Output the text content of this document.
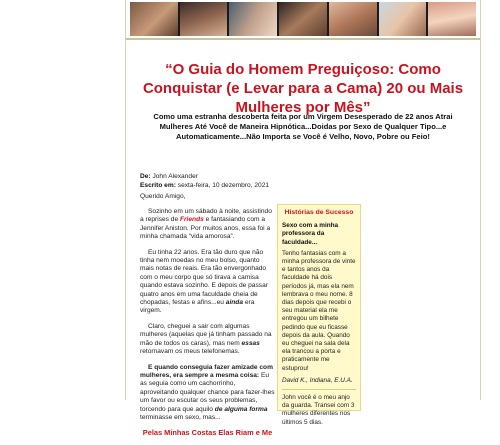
“O Guia do Homem Preguiçoso: Como Conquistar (e Levar para a Cama) 20 ou Mais Mulheres por Mês”
Como uma estranha descoberta feita por um Virgem Desesperado de 22 anos Atrai Mulheres Até Você de Maneira Hipnótica...Doidas por Sexo de Qualquer Tipo...e Automaticamente...Não Importa se Você é Velho, Novo, Pobre ou Feio!
De: John Alexander
Escrito em: sexta-feira, 10 dezembro, 2021
Querido Amigo,

Sozinho em um sábado à noite, assistindo a reprises de Friends e fantasiando com a Jennifer Aniston. Por muitos anos, essa foi a minha chamada “vida amorosa”.

Eu tinha 22 anos. Era tão duro que não tinha nem moedas no meu bolso, quanto mais notas de reais. Era tão envergonhado com o meu corpo que só tirava a camisa quando estava sozinho. E depois de passar quatro anos em uma faculdade cheia de chopadas, festas e afins...eu ainda era virgem.

Claro, cheguei a sair com algumas mulheres (aquelas que já tinham passado na mão de todos os caras), mas nem essas retornavam os meus telefonemas.

E quando conseguia fazer amizade com mulheres, era sempre a mesma coisa: Eu as seguia como um cachorrinho, aproveitando qualquer chance para fazer-lhes um favor ou escutar os seus problemas, torcendo para que aquilo de alguma forma terminasse em sexo, mas...

Pelas Minhas Costas Elas Riam e Me

Histórias de Sucesso
Sexo com a minha professora da faculdade...
Tenho fantasias com a minha professora de vinte e tantos anos da faculdade há dois períodos já, mas ela nem lembrava o meu nome. 8 dias depois que recebi o seu material ela me entregou um bilhete pedindo que eu ficasse depois da aula. Quando eu cheguei na sala dela ela trancou a porta e praticamente me estuprou!
David K., Indiana, E.U.A.
John você é o meu anjo da guarda. Transei com 3 mulheres diferentes nos últimos 5 dias.
